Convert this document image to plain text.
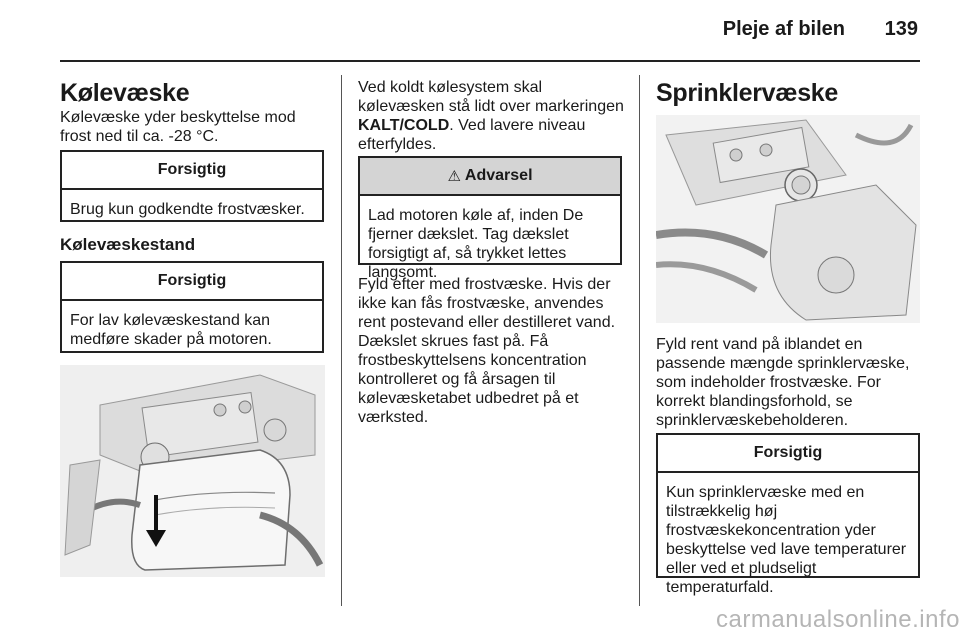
Pleje af bilen	139
Kølevæske

Kølevæske yder beskyttelse mod frost ned til ca. -28 °C.

Forsigtig
Brug kun godkendte frostvæsker.
Kølevæskestand
Forsigtig
For lav kølevæskestand kan medføre skader på motoren.

Ved koldt kølesystem skal kølevæsken stå lidt over markeringen KALT/COLD. Ved lavere niveau efterfyldes.

⚠ Advarsel
Lad motoren køle af, inden De fjerner dækslet. Tag dækslet forsigtigt af, så trykket lettes langsomt.

Fyld efter med frostvæske. Hvis der ikke kan fås frostvæske, anvendes rent postevand eller destilleret vand. Dækslet skrues fast på. Få frostbeskyttelsens koncentration kontrolleret og få årsagen til kølevæsketabet udbedret på et værksted.

Sprinklervæske

Fyld rent vand på iblandet en passende mængde sprinklervæske, som indeholder frostvæske. For korrekt blandingsforhold, se sprinklervæskebeholderen.

Forsigtig
Kun sprinklervæske med en tilstrækkelig høj frostvæskekoncentration yder beskyttelse ved lave temperaturer eller ved et pludseligt temperaturfald.
carmanualsonline.info
